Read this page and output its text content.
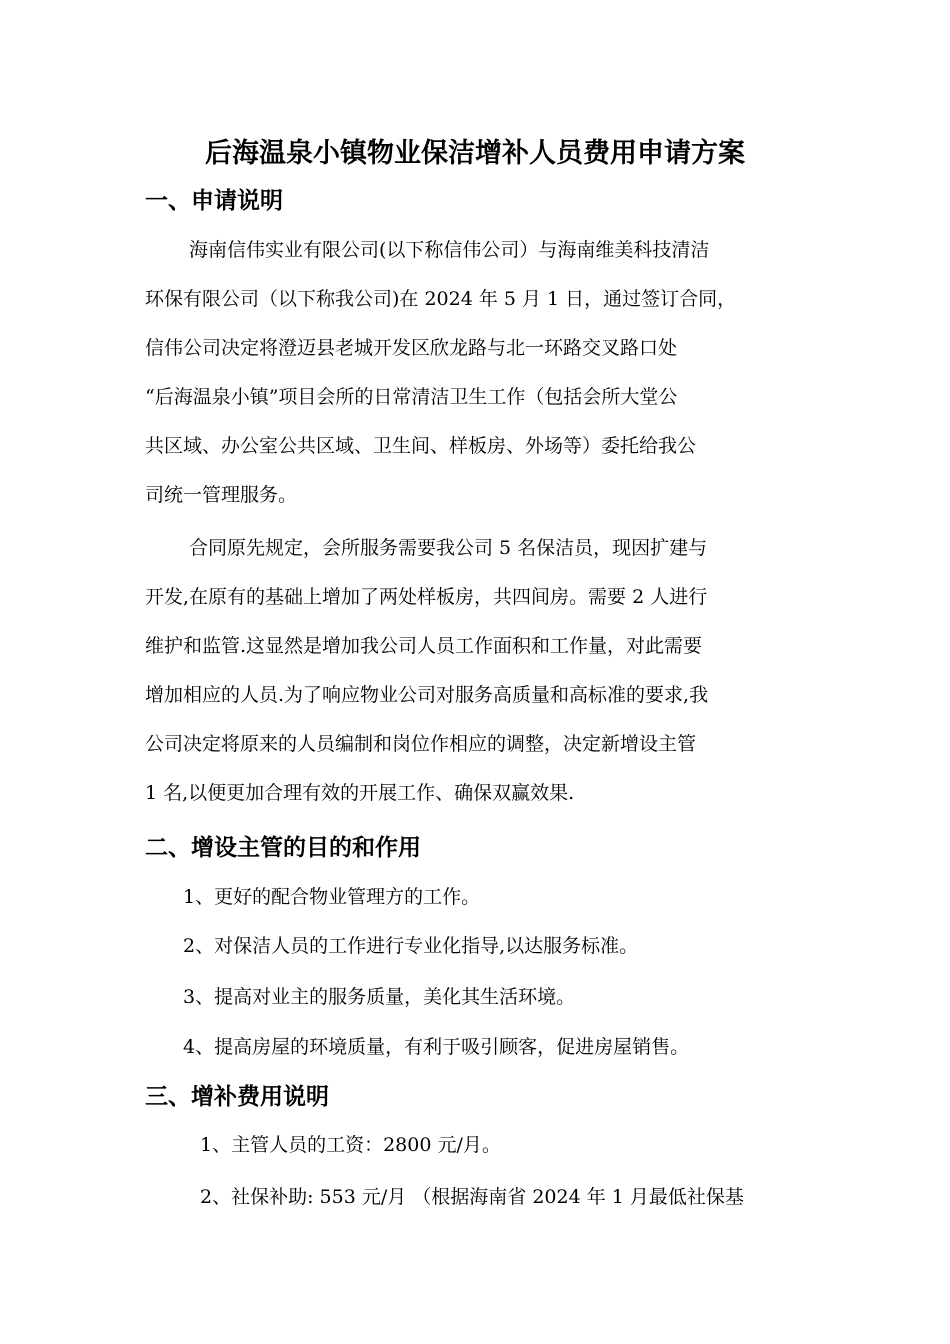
后海温泉小镇物业保洁增补人员费用申请方案
一、申请说明
海南信伟实业有限公司(以下称信伟公司）与海南维美科技清洁
环保有限公司（以下称我公司)在 2024 年 5 月 1 日，通过签订合同，
信伟公司决定将澄迈县老城开发区欣龙路与北一环路交叉路口处
“后海温泉小镇”项目会所的日常清洁卫生工作（包括会所大堂公
共区域、办公室公共区域、卫生间、样板房、外场等）委托给我公
司统一管理服务。
合同原先规定，会所服务需要我公司 5 名保洁员，现因扩建与
开发,在原有的基础上增加了两处样板房，共四间房。需要 2 人进行
维护和监管.这显然是增加我公司人员工作面积和工作量，对此需要
增加相应的人员.为了响应物业公司对服务高质量和高标准的要求,我
公司决定将原来的人员编制和岗位作相应的调整，决定新增设主管
1 名,以便更加合理有效的开展工作、确保双赢效果.
二、增设主管的目的和作用
1、更好的配合物业管理方的工作。
2、对保洁人员的工作进行专业化指导,以达服务标准。
3、提高对业主的服务质量，美化其生活环境。
4、提高房屋的环境质量，有利于吸引顾客，促进房屋销售。
三、增补费用说明
1、主管人员的工资：2800 元/月。
2、社保补助: 553 元/月 （根据海南省 2024 年 1 月最低社保基
